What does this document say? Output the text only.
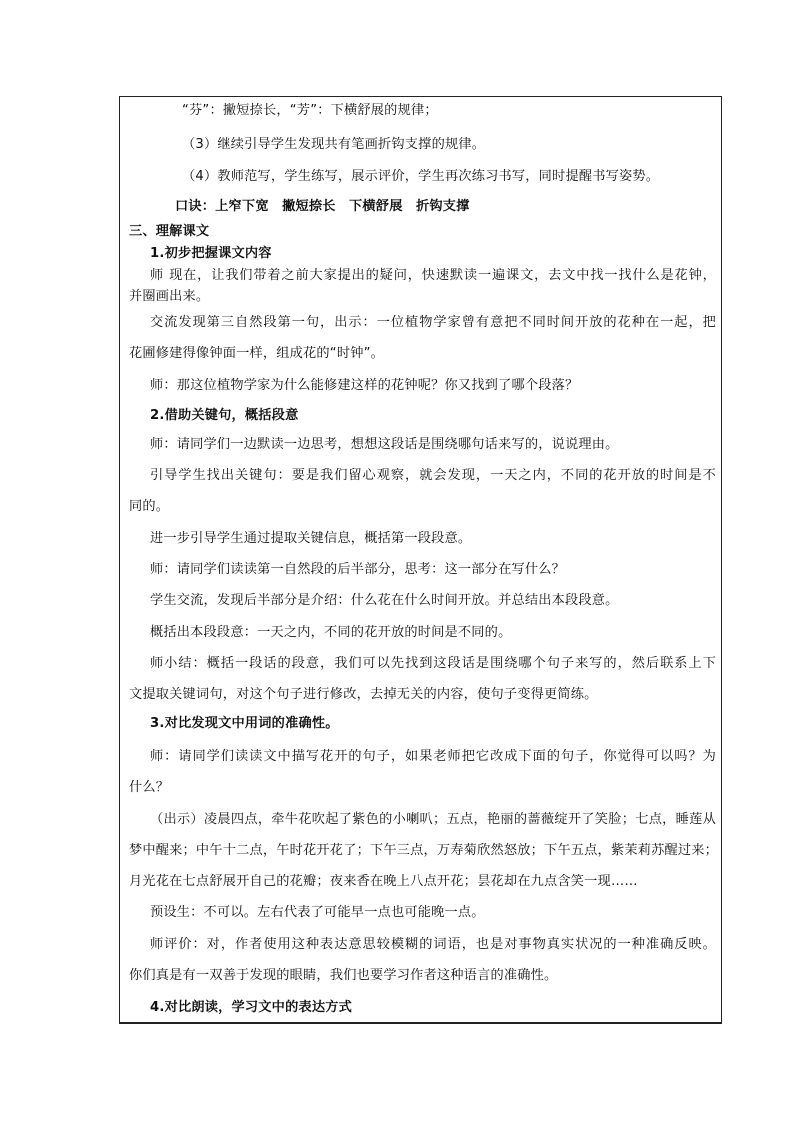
“芬”：撇短捺长，“芳”：下横舒展的规律；
（3）继续引导学生发现共有笔画折钩支撑的规律。
（4）教师范写，学生练写，展示评价，学生再次练习书写，同时提醒书写姿势。
口诀：上窄下宽　撇短捺长　下横舒展　折钩支撑
三、理解课文
1.初步把握课文内容
师 现在，让我们带着之前大家提出的疑问，快速默读一遍课文，去文中找一找什么是花钟，
并圈画出来。
交流发现第三自然段第一句，出示：一位植物学家曾有意把不同时间开放的花种在一起，把
花圃修建得像钟面一样，组成花的“时钟”。
师：那这位植物学家为什么能修建这样的花钟呢？你又找到了哪个段落？
2.借助关键句，概括段意
师：请同学们一边默读一边思考，想想这段话是围绕哪句话来写的，说说理由。
引导学生找出关键句：要是我们留心观察，就会发现，一天之内，不同的花开放的时间是不
同的。
进一步引导学生通过提取关键信息，概括第一段段意。
师：请同学们读读第一自然段的后半部分，思考：这一部分在写什么？
学生交流，发现后半部分是介绍：什么花在什么时间开放。并总结出本段段意。
概括出本段段意：一天之内，不同的花开放的时间是不同的。
师小结：概括一段话的段意，我们可以先找到这段话是围绕哪个句子来写的，然后联系上下
文提取关键词句，对这个句子进行修改，去掉无关的内容，使句子变得更简练。
3.对比发现文中用词的准确性。
师：请同学们读读文中描写花开的句子，如果老师把它改成下面的句子，你觉得可以吗？为
什么？
（出示）凌晨四点，牵牛花吹起了紫色的小喇叭；五点，艳丽的蔷薇绽开了笑脸；七点，睡莲从
梦中醒来；中午十二点，午时花开花了；下午三点，万寿菊欣然怒放；下午五点，紫茉莉苏醒过来；
月光花在七点舒展开自己的花瓣；夜来香在晚上八点开花；昙花却在九点含笑一现……
预设生：不可以。左右代表了可能早一点也可能晚一点。
师评价：对，作者使用这种表达意思较模糊的词语，也是对事物真实状况的一种准确反映。
你们真是有一双善于发现的眼睛，我们也要学习作者这种语言的准确性。
4.对比朗读，学习文中的表达方式
